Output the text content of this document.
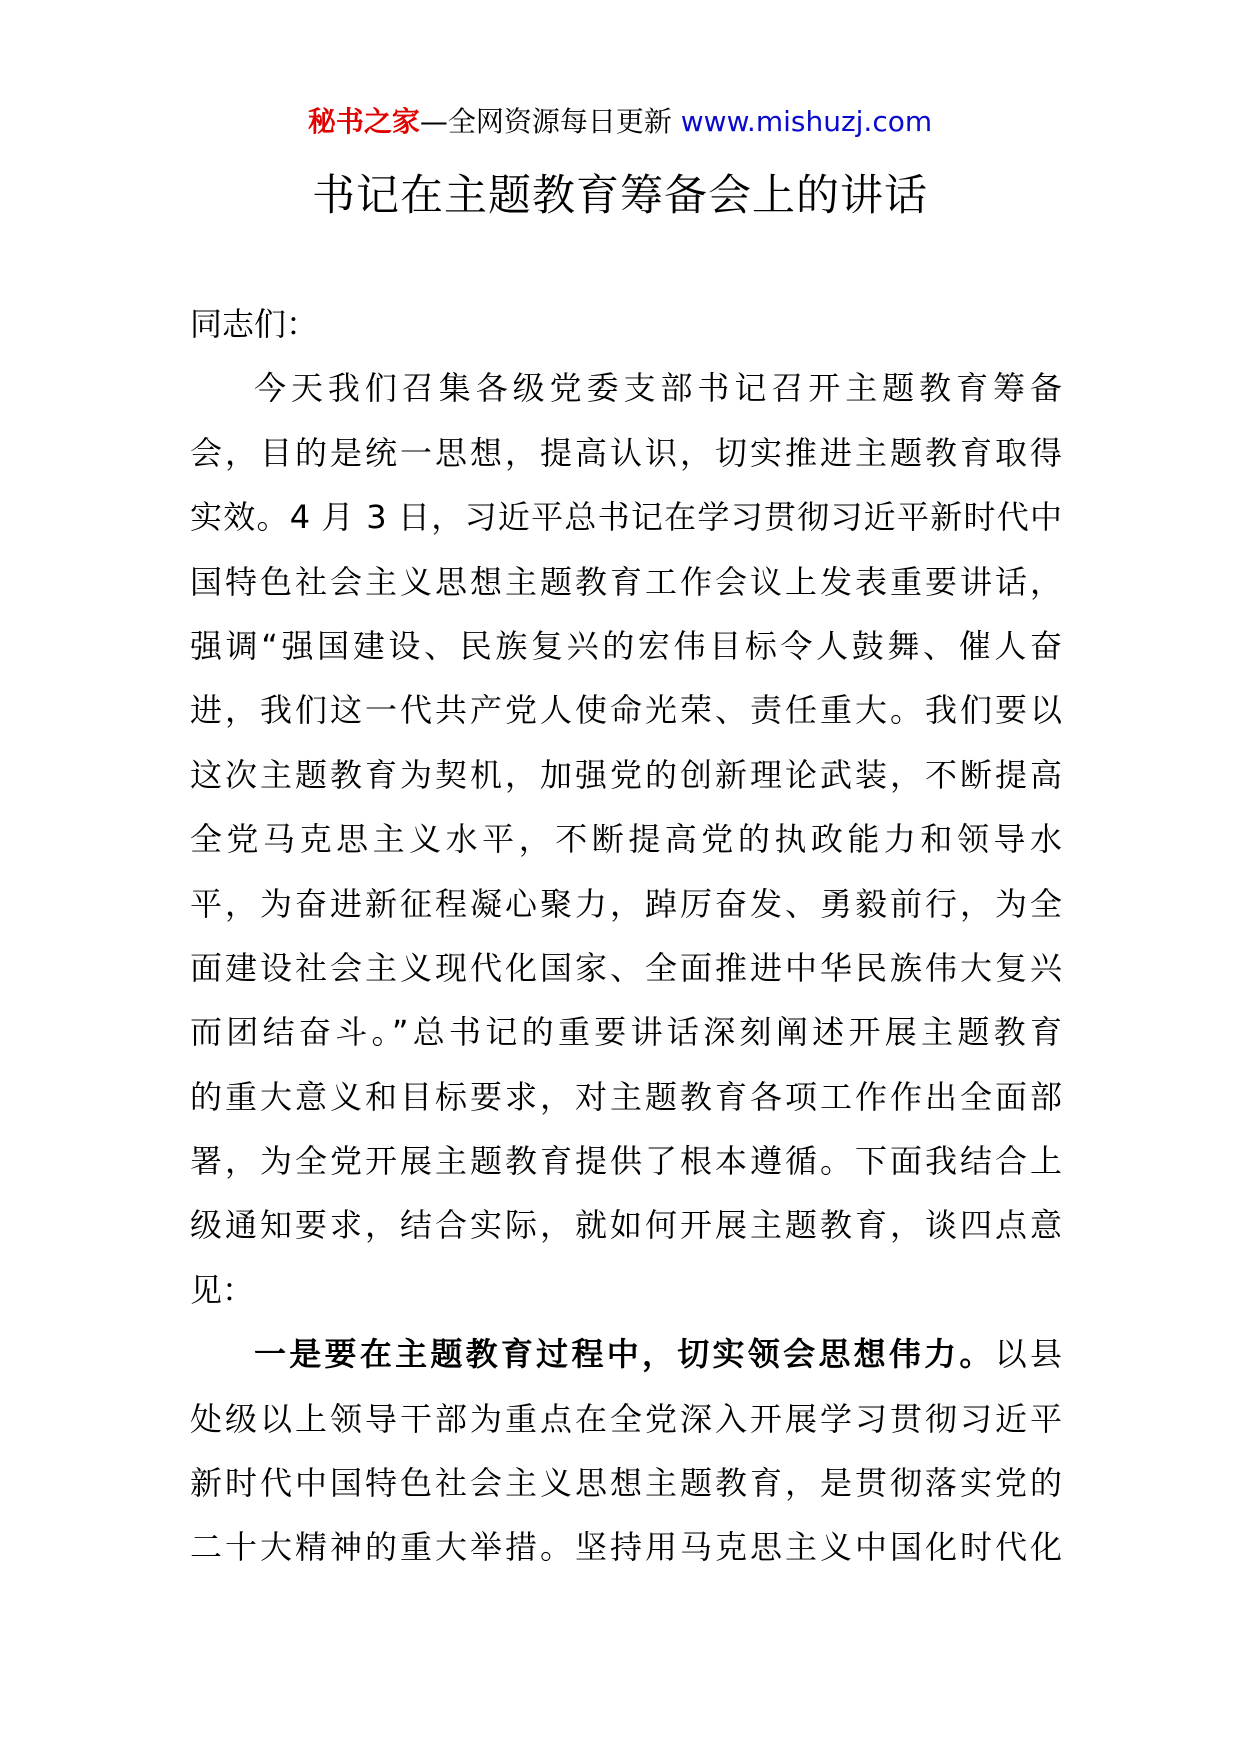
秘书之家—全网资源每日更新 www.mishuzj.com
书记在主题教育筹备会上的讲话
同志们：
今天我们召集各级党委支部书记召开主题教育筹备
会，目的是统一思想，提高认识，切实推进主题教育取得
实效。4 月 3 日，习近平总书记在学习贯彻习近平新时代中
国特色社会主义思想主题教育工作会议上发表重要讲话，
强调“强国建设、民族复兴的宏伟目标令人鼓舞、催人奋
进，我们这一代共产党人使命光荣、责任重大。我们要以
这次主题教育为契机，加强党的创新理论武装，不断提高
全党马克思主义水平，不断提高党的执政能力和领导水
平，为奋进新征程凝心聚力，踔厉奋发、勇毅前行，为全
面建设社会主义现代化国家、全面推进中华民族伟大复兴
而团结奋斗。”总书记的重要讲话深刻阐述开展主题教育
的重大意义和目标要求，对主题教育各项工作作出全面部
署，为全党开展主题教育提供了根本遵循。下面我结合上
级通知要求，结合实际，就如何开展主题教育，谈四点意
见：
一是要在主题教育过程中，切实领会思想伟力。以县
处级以上领导干部为重点在全党深入开展学习贯彻习近平
新时代中国特色社会主义思想主题教育，是贯彻落实党的
二十大精神的重大举措。坚持用马克思主义中国化时代化
